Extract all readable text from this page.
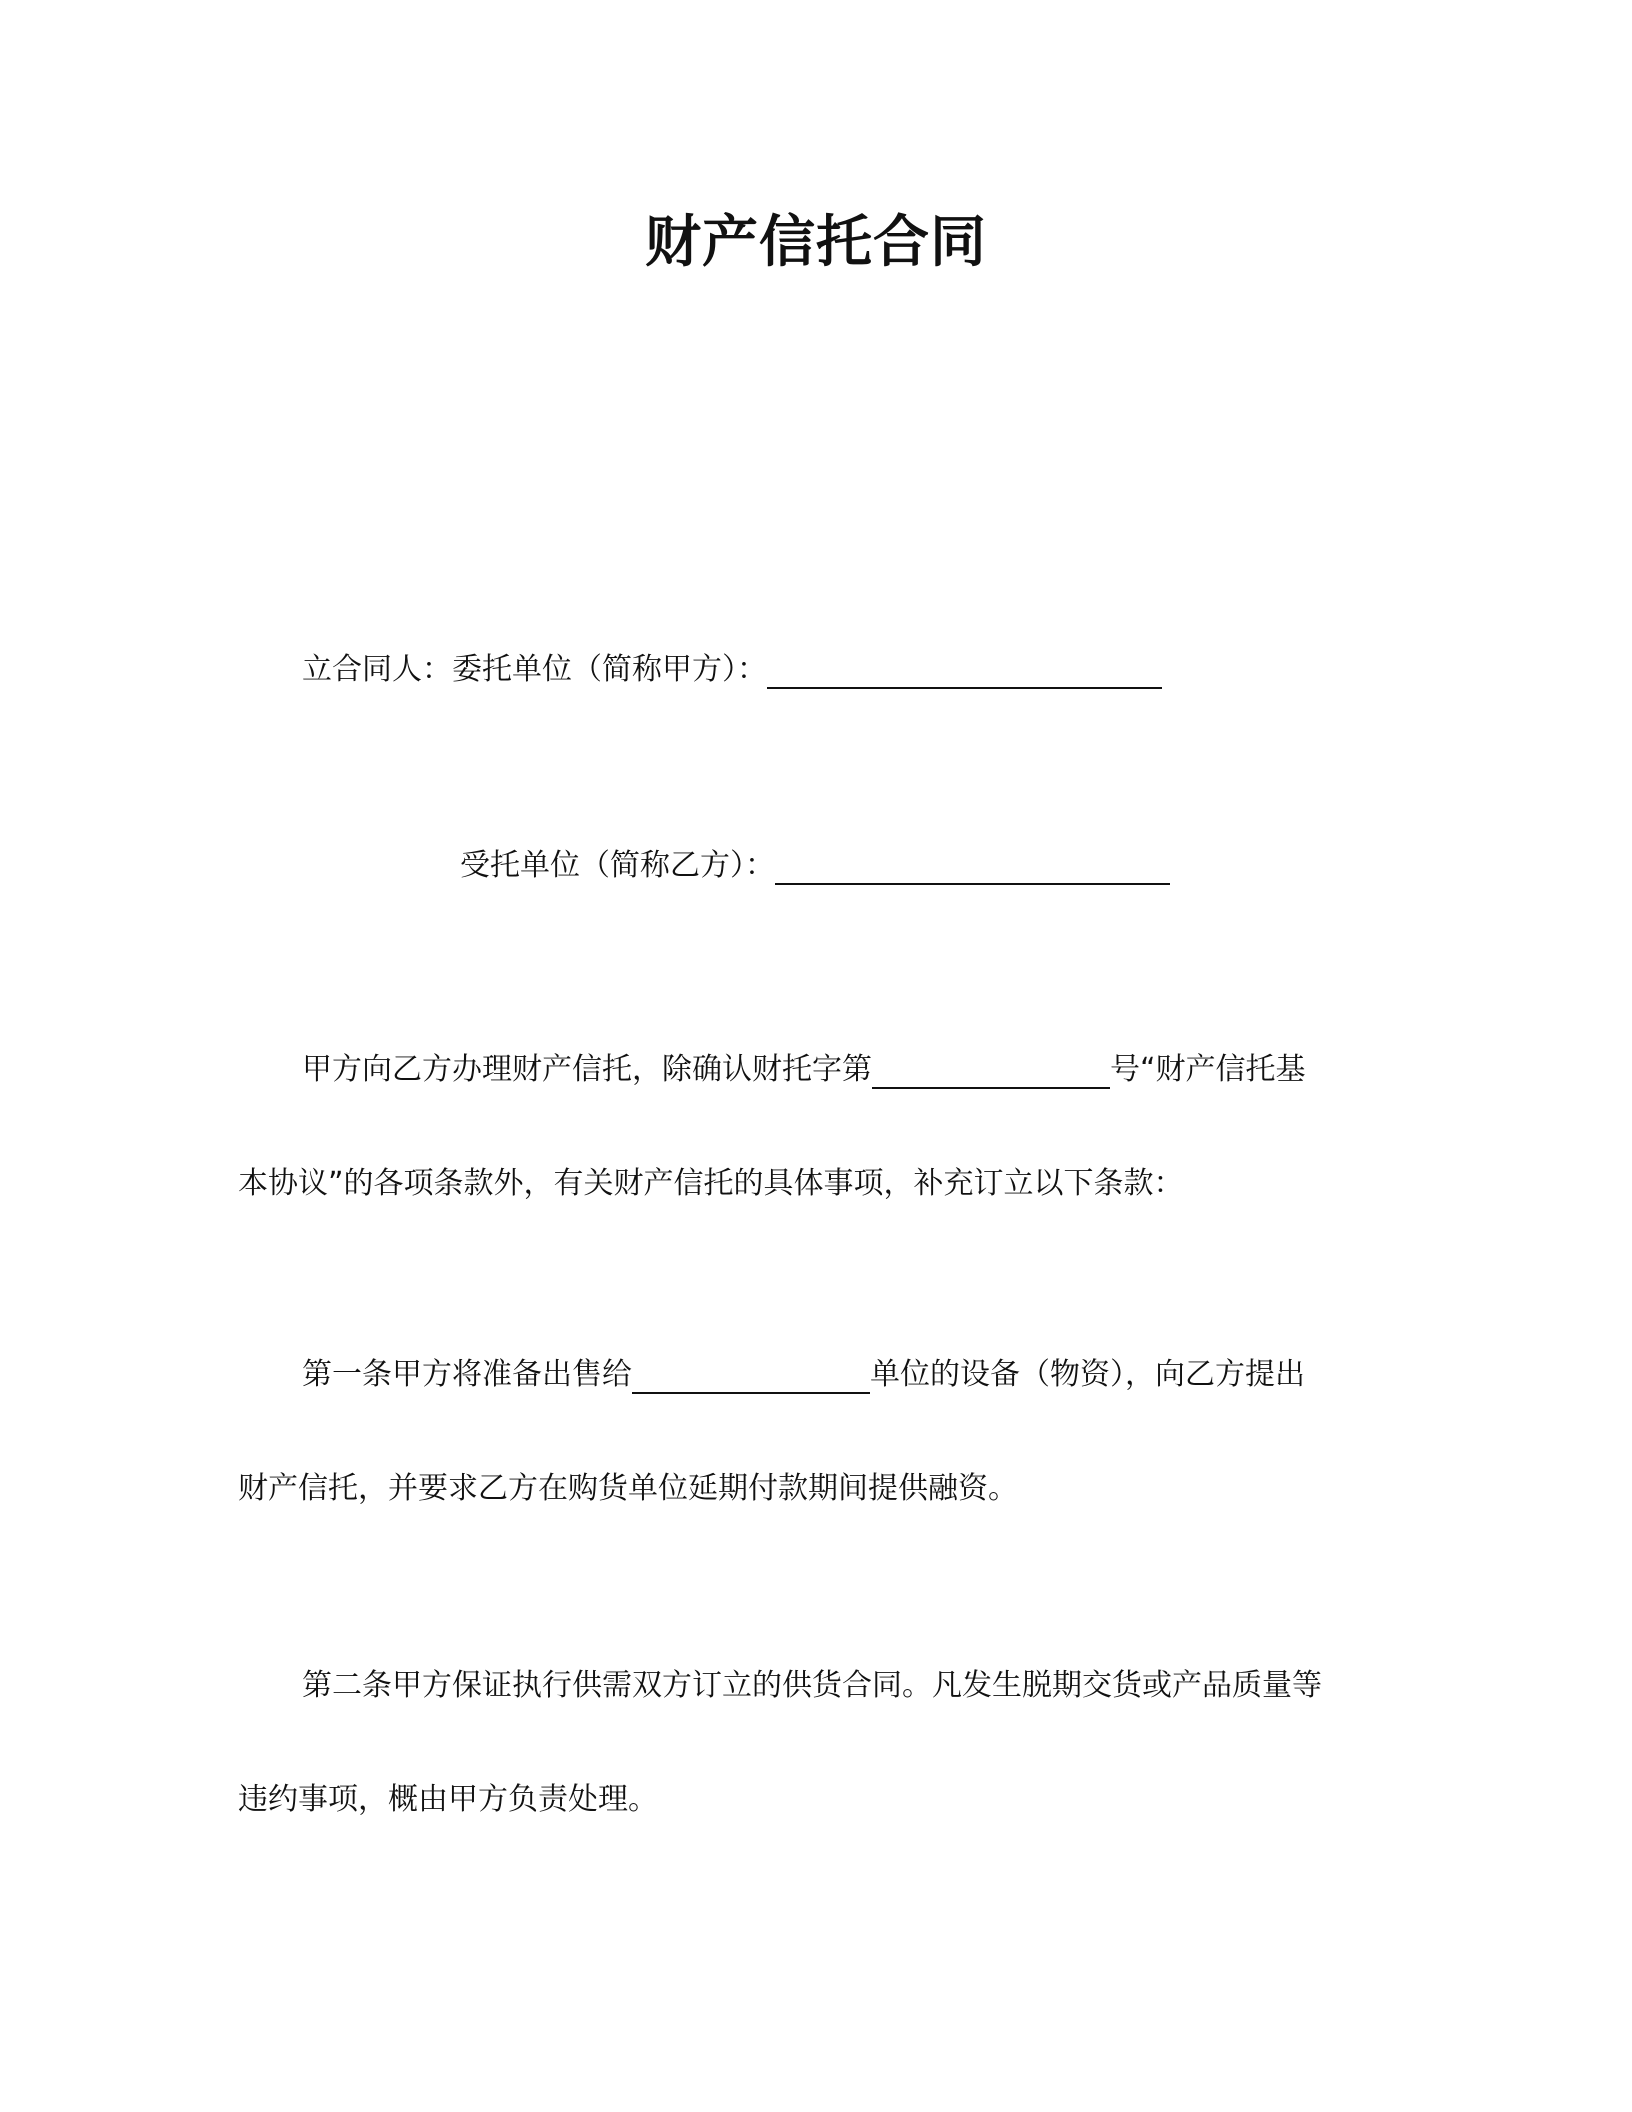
财产信托合同
立合同人：委托单位（简称甲方）：
受托单位（简称乙方）：
甲方向乙方办理财产信托，除确认财托字第	号“财产信托基
本协议”的各项条款外，有关财产信托的具体事项，补充订立以下条款：
第一条甲方将准备出售给	单位的设备（物资），向乙方提出
财产信托，并要求乙方在购货单位延期付款期间提供融资。
第二条甲方保证执行供需双方订立的供货合同。凡发生脱期交货或产品质量等
违约事项，概由甲方负责处理。
